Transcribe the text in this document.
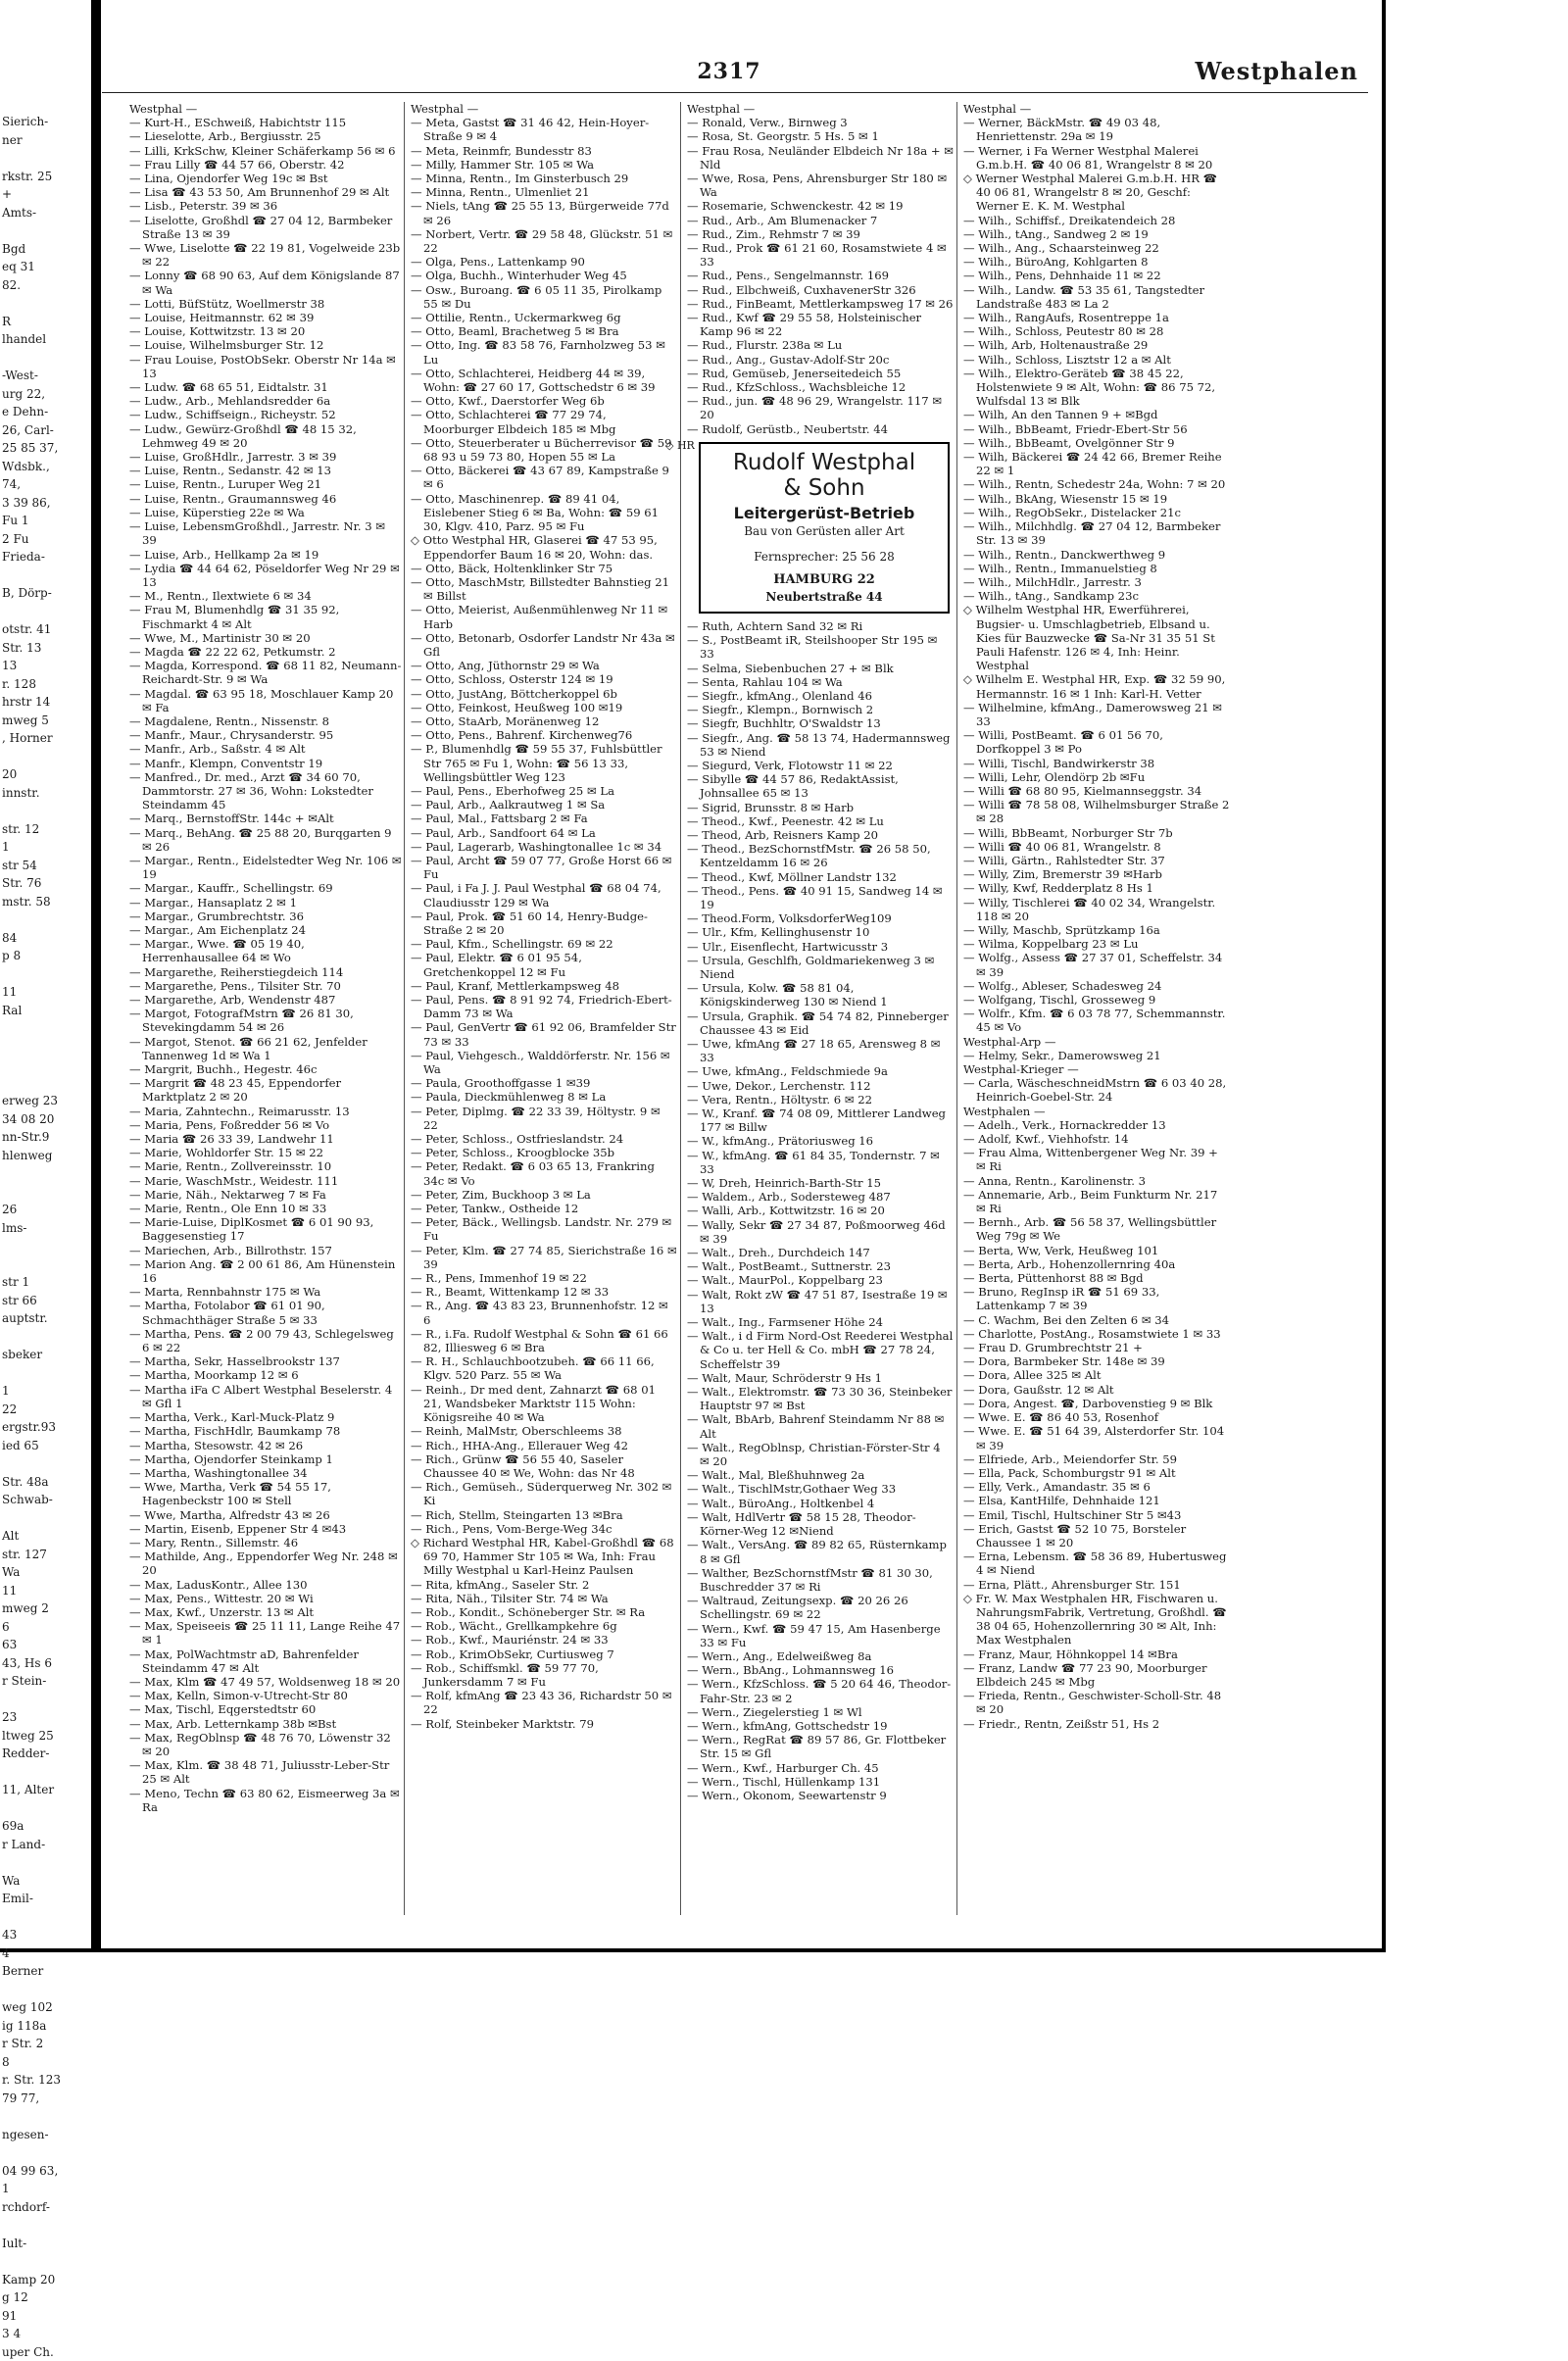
Sierich-
ner

rkstr. 25
+
Amts-

Bgd
eq 31
82.

R
lhandel

-West-
urg 22,
e Dehn-
26, Carl-
25 85 37,
Wdsbk.,
74,
3 39 86,
Fu 1
2 Fu
Frieda-

B, Dörp-

otstr. 41
Str. 13
13
r. 128
hrstr 14
mweg 5
, Horner

20
innstr.

str. 12
1
str 54
Str. 76
mstr. 58

84
p 8

11
Ral

erweg 23
34 08 20
nn-Str.9
hlenweg

26
lms-

str 1
str 66
auptstr.

sbeker

1
22
ergstr.93
ied 65

Str. 48a
Schwab-

Alt
str. 127
Wa
11
mweg 2
6
63
43, Hs 6
r Stein-

23
ltweg 25
Redder-

11, Alter

69a
r Land-

Wa
Emil-

43
4
Berner

weg 102
ig 118a
r Str. 2
8
r. Str. 123
79 77,

ngesen-

04 99 63,
1
rchdorf-

Iult-

Kamp 20
g 12
91
3 4
uper Ch.
2317	Westphalen
Westphal —
— Kurt-H., ESchweiß, Habichtstr 115
— Lieselotte, Arb., Bergiusstr. 25
— Lilli, KrkSchw, Kleiner Schäferkamp 56 ✉ 6
— Frau Lilly ☎ 44 57 66, Oberstr. 42
— Lina, Ojendorfer Weg 19c ✉ Bst
— Lisa ☎ 43 53 50, Am Brunnenhof 29 ✉ Alt
— Lisb., Peterstr. 39 ✉ 36
— Liselotte, Großhdl ☎ 27 04 12, Barmbeker Straße 13 ✉ 39
— Wwe, Liselotte ☎ 22 19 81, Vogelweide 23b ✉ 22
— Lonny ☎ 68 90 63, Auf dem Königslande 87 ✉ Wa
— Lotti, BüfStütz, Woellmerstr 38
— Louise, Heitmannstr. 62 ✉ 39
— Louise, Kottwitzstr. 13 ✉ 20
— Louise, Wilhelmsburger Str. 12
— Frau Louise, PostObSekr. Oberstr Nr 14a ✉ 13
— Ludw. ☎ 68 65 51, Eidtalstr. 31
— Ludw., Arb., Mehlandsredder 6a
— Ludw., Schiffseign., Richeystr. 52
— Ludw., Gewürz-Großhdl ☎ 48 15 32, Lehmweg 49 ✉ 20
— Luise, GroßHdlr., Jarrestr. 3 ✉ 39
— Luise, Rentn., Sedanstr. 42 ✉ 13
— Luise, Rentn., Luruper Weg 21
— Luise, Rentn., Graumannsweg 46
— Luise, Küperstieg 22e ✉ Wa
— Luise, LebensmGroßhdl., Jarrestr. Nr. 3 ✉ 39
— Luise, Arb., Hellkamp 2a ✉ 19
— Lydia ☎ 44 64 62, Pöseldorfer Weg Nr 29 ✉ 13
— M., Rentn., Ilextwiete 6 ✉ 34
— Frau M, Blumenhdlg ☎ 31 35 92, Fischmarkt 4 ✉ Alt
— Wwe, M., Martinistr 30 ✉ 20
— Magda ☎ 22 22 62, Petkumstr. 2
— Magda, Korrespond. ☎ 68 11 82, Neumann-Reichardt-Str. 9 ✉ Wa
— Magdal. ☎ 63 95 18, Moschlauer Kamp 20 ✉ Fa
— Magdalene, Rentn., Nissenstr. 8
— Manfr., Maur., Chrysanderstr. 95
— Manfr., Arb., Saßstr. 4 ✉ Alt
— Manfr., Klempn, Conventstr 19
— Manfred., Dr. med., Arzt ☎ 34 60 70, Dammtorstr. 27 ✉ 36, Wohn: Lokstedter Steindamm 45
— Marq., BernstoffStr. 144c + ✉Alt
— Marq., BehAng. ☎ 25 88 20, Burqgarten 9 ✉ 26
— Margar., Rentn., Eidelstedter Weg Nr. 106 ✉ 19
— Margar., Kauffr., Schellingstr. 69
— Margar., Hansaplatz 2 ✉ 1
— Margar., Grumbrechtstr. 36
— Margar., Am Eichenplatz 24
— Margar., Wwe. ☎ 05 19 40, Herrenhausallee 64 ✉ Wo
— Margarethe, Reiherstiegdeich 114
— Margarethe, Pens., Tilsiter Str. 70
— Margarethe, Arb, Wendenstr 487
— Margot, FotografMstrn ☎ 26 81 30, Stevekingdamm 54 ✉ 26
— Margot, Stenot. ☎ 66 21 62, Jenfelder Tannenweg 1d ✉ Wa 1
— Margrit, Buchh., Hegestr. 46c
— Margrit ☎ 48 23 45, Eppendorfer Marktplatz 2 ✉ 20
— Maria, Zahntechn., Reimarusstr. 13
— Maria, Pens, Foßredder 56 ✉ Vo
— Maria ☎ 26 33 39, Landwehr 11
— Marie, Wohldorfer Str. 15 ✉ 22
— Marie, Rentn., Zollvereinsstr. 10
— Marie, WaschMstr., Weidestr. 111
— Marie, Näh., Nektarweg 7 ✉ Fa
— Marie, Rentn., Ole Enn 10 ✉ 33
— Marie-Luise, DiplKosmet ☎ 6 01 90 93, Baggesenstieg 17
— Mariechen, Arb., Billrothstr. 157
— Marion Ang. ☎ 2 00 61 86, Am Hünenstein 16
— Marta, Rennbahnstr 175 ✉ Wa
— Martha, Fotolabor ☎ 61 01 90, Schmachthäger Straße 5 ✉ 33
— Martha, Pens. ☎ 2 00 79 43, Schlegelsweg 6 ✉ 22
— Martha, Sekr, Hasselbrookstr 137
— Martha, Moorkamp 12 ✉ 6
— Martha iFa C Albert Westphal Beselerstr. 4 ✉ Gfl 1
— Martha, Verk., Karl-Muck-Platz 9
— Martha, FischHdlr, Baumkamp 78
— Martha, Stesowstr. 42 ✉ 26
— Martha, Ojendorfer Steinkamp 1
— Martha, Washingtonallee 34
— Wwe, Martha, Verk ☎ 54 55 17, Hagenbeckstr 100 ✉ Stell
— Wwe, Martha, Alfredstr 43 ✉ 26
— Martin, Eisenb, Eppener Str 4 ✉43
— Mary, Rentn., Sillemstr. 46
— Mathilde, Ang., Eppendorfer Weg Nr. 248 ✉ 20
— Max, LadusKontr., Allee 130
— Max, Pens., Wittestr. 20 ✉ Wi
— Max, Kwf., Unzerstr. 13 ✉ Alt
— Max, Speiseeis ☎ 25 11 11, Lange Reihe 47 ✉ 1
— Max, PolWachtmstr aD, Bahrenfelder Steindamm 47 ✉ Alt
— Max, Klm ☎ 47 49 57, Woldsenweg 18 ✉ 20
— Max, Kelln, Simon-v-Utrecht-Str 80
— Max, Tischl, Eqgerstedtstr 60
— Max, Arb. Letternkamp 38b ✉Bst
— Max, RegOblnsp ☎ 48 76 70, Löwenstr 32 ✉ 20
— Max, Klm. ☎ 38 48 71, Juliusstr-Leber-Str 25 ✉ Alt
— Meno, Techn ☎ 63 80 62, Eismeerweg 3a ✉ Ra
Westphal —
— Meta, Gastst ☎ 31 46 42, Hein-Hoyer-Straße 9 ✉ 4
— Meta, Reinmfr, Bundesstr 83
— Milly, Hammer Str. 105 ✉ Wa
— Minna, Rentn., Im Ginsterbusch 29
— Minna, Rentn., Ulmenliet 21
— Niels, tAng ☎ 25 55 13, Bürgerweide 77d ✉ 26
— Norbert, Vertr. ☎ 29 58 48, Glückstr. 51 ✉ 22
— Olga, Pens., Lattenkamp 90
— Olga, Buchh., Winterhuder Weg 45
— Osw., Buroang. ☎ 6 05 11 35, Pirolkamp 55 ✉ Du
— Ottilie, Rentn., Uckermarkweg 6g
— Otto, Beaml, Brachetweg 5 ✉ Bra
— Otto, Ing. ☎ 83 58 76, Farnholzweg 53 ✉ Lu
— Otto, Schlachterei, Heidberg 44 ✉ 39, Wohn: ☎ 27 60 17, Gottschedstr 6 ✉ 39
— Otto, Kwf., Daerstorfer Weg 6b
— Otto, Schlachterei ☎ 77 29 74, Moorburger Elbdeich 185 ✉ Mbg
— Otto, Steuerberater u Bücherrevisor ☎ 59 68 93 u 59 73 80, Hopen 55 ✉ La
— Otto, Bäckerei ☎ 43 67 89, Kampstraße 9 ✉ 6
— Otto, Maschinenrep. ☎ 89 41 04, Eislebener Stieg 6 ✉ Ba, Wohn: ☎ 59 61 30, Klgv. 410, Parz. 95 ✉ Fu
◇ Otto Westphal HR, Glaserei ☎ 47 53 95, Eppendorfer Baum 16 ✉ 20, Wohn: das.
— Otto, Bäck, Holtenklinker Str 75
— Otto, MaschMstr, Billstedter Bahnstieg 21 ✉ Billst
— Otto, Meierist, Außenmühlenweg Nr 11 ✉ Harb
— Otto, Betonarb, Osdorfer Landstr Nr 43a ✉ Gfl
— Otto, Ang, Jüthornstr 29 ✉ Wa
— Otto, Schloss, Osterstr 124 ✉ 19
— Otto, JustAng, Böttcherkoppel 6b
— Otto, Feinkost, Heußweg 100 ✉19
— Otto, StaArb, Moränenweg 12
— Otto, Pens., Bahrenf. Kirchenweg76
— P., Blumenhdlg ☎ 59 55 37, Fuhlsbüttler Str 765 ✉ Fu 1, Wohn: ☎ 56 13 33, Wellingsbüttler Weg 123
— Paul, Pens., Eberhofweg 25 ✉ La
— Paul, Arb., Aalkrautweg 1 ✉ Sa
— Paul, Mal., Fattsbarg 2 ✉ Fa
— Paul, Arb., Sandfoort 64 ✉ La
— Paul, Lagerarb, Washingtonallee 1c ✉ 34
— Paul, Archt ☎ 59 07 77, Große Horst 66 ✉ Fu
— Paul, i Fa J. J. Paul Westphal ☎ 68 04 74, Claudiusstr 129 ✉ Wa
— Paul, Prok. ☎ 51 60 14, Henry-Budge-Straße 2 ✉ 20
— Paul, Kfm., Schellingstr. 69 ✉ 22
— Paul, Elektr. ☎ 6 01 95 54, Gretchenkoppel 12 ✉ Fu
— Paul, Kranf, Mettlerkampsweg 48
— Paul, Pens. ☎ 8 91 92 74, Friedrich-Ebert-Damm 73 ✉ Wa
— Paul, GenVertr ☎ 61 92 06, Bramfelder Str 73 ✉ 33
— Paul, Viehgesch., Walddörferstr. Nr. 156 ✉ Wa
— Paula, Groothoffgasse 1 ✉39
— Paula, Dieckmühlenweg 8 ✉ La
— Peter, Diplmg. ☎ 22 33 39, Höltystr. 9 ✉ 22
— Peter, Schloss., Ostfrieslandstr. 24
— Peter, Schloss., Kroogblocke 35b
— Peter, Redakt. ☎ 6 03 65 13, Frankring 34c ✉ Vo
— Peter, Zim, Buckhoop 3 ✉ La
— Peter, Tankw., Ostheide 12
— Peter, Bäck., Wellingsb. Landstr. Nr. 279 ✉ Fu
— Peter, Klm. ☎ 27 74 85, Sierichstraße 16 ✉ 39
— R., Pens, Immenhof 19 ✉ 22
— R., Beamt, Wittenkamp 12 ✉ 33
— R., Ang. ☎ 43 83 23, Brunnenhofstr. 12 ✉ 6
— R., i.Fa. Rudolf Westphal & Sohn ☎ 61 66 82, Illiesweg 6 ✉ Bra
— R. H., Schlauchbootzubeh. ☎ 66 11 66, Klgv. 520 Parz. 55 ✉ Wa
— Reinh., Dr med dent, Zahnarzt ☎ 68 01 21, Wandsbeker Marktstr 115 Wohn: Königsreihe 40 ✉ Wa
— Reinh, MalMstr, Oberschleems 38
— Rich., HHA-Ang., Ellerauer Weg 42
— Rich., Grünw ☎ 56 55 40, Saseler Chaussee 40 ✉ We, Wohn: das Nr 48
— Rich., Gemüseh., Süderquerweg Nr. 302 ✉ Ki
— Rich, Stellm, Steingarten 13 ✉Bra
— Rich., Pens, Vom-Berge-Weg 34c
◇ Richard Westphal HR, Kabel-Großhdl ☎ 68 69 70, Hammer Str 105 ✉ Wa, Inh: Frau Milly Westphal u Karl-Heinz Paulsen
— Rita, kfmAng., Saseler Str. 2
— Rita, Näh., Tilsiter Str. 74 ✉ Wa
— Rob., Kondit., Schöneberger Str. ✉ Ra
— Rob., Wächt., Grellkampkehre 6g
— Rob., Kwf., Mauriénstr. 24 ✉ 33
— Rob., KrimObSekr, Curtiusweg 7
— Rob., Schiffsmkl. ☎ 59 77 70, Junkersdamm 7 ✉ Fu
— Rolf, kfmAng ☎ 23 43 36, Richardstr 50 ✉ 22
— Rolf, Steinbeker Marktstr. 79
Westphal —
— Ronald, Verw., Birnweg 3
— Rosa, St. Georgstr. 5 Hs. 5 ✉ 1
— Frau Rosa, Neuländer Elbdeich Nr 18a + ✉ Nld
— Wwe, Rosa, Pens, Ahrensburger Str 180 ✉ Wa
— Rosemarie, Schwenckestr. 42 ✉ 19
— Rud., Arb., Am Blumenacker 7
— Rud., Zim., Rehmstr 7 ✉ 39
— Rud., Prok ☎ 61 21 60, Rosamstwiete 4 ✉ 33
— Rud., Pens., Sengelmannstr. 169
— Rud., Elbchweiß, CuxhavenerStr 326
— Rud., FinBeamt, Mettlerkampsweg 17 ✉ 26
— Rud., Kwf ☎ 29 55 58, Holsteinischer Kamp 96 ✉ 22
— Rud., Flurstr. 238a ✉ Lu
— Rud., Ang., Gustav-Adolf-Str 20c
— Rud, Gemüseb, Jenerseitedeich 55
— Rud., KfzSchloss., Wachsbleiche 12
— Rud., jun. ☎ 48 96 29, Wrangelstr. 117 ✉ 20
— Rudolf, Gerüstb., Neubertstr. 44
◇ HR
Rudolf Westphal
& Sohn
Leitergerüst-Betrieb
Bau von Gerüsten aller Art
Fernsprecher: 25 56 28
HAMBURG 22
Neubertstraße 44
— Ruth, Achtern Sand 32 ✉ Ri
— S., PostBeamt iR, Steilshooper Str 195 ✉ 33
— Selma, Siebenbuchen 27 + ✉ Blk
— Senta, Rahlau 104 ✉ Wa
— Siegfr., kfmAng., Olenland 46
— Siegfr., Klempn., Bornwisch 2
— Siegfr, Buchhltr, O'Swaldstr 13
— Siegfr., Ang. ☎ 58 13 74, Hadermannsweg 53 ✉ Niend
— Siegurd, Verk, Flotowstr 11 ✉ 22
— Sibylle ☎ 44 57 86, RedaktAssist, Johnsallee 65 ✉ 13
— Sigrid, Brunsstr. 8 ✉ Harb
— Theod., Kwf., Peenestr. 42 ✉ Lu
— Theod, Arb, Reisners Kamp 20
— Theod., BezSchornstfMstr. ☎ 26 58 50, Kentzeldamm 16 ✉ 26
— Theod., Kwf, Möllner Landstr 132
— Theod., Pens. ☎ 40 91 15, Sandweg 14 ✉ 19
— Theod.Form, VolksdorferWeg109
— Ulr., Kfm, Kellinghusenstr 10
— Ulr., Eisenflecht, Hartwicusstr 3
— Ursula, Geschlfh, Goldmariekenweg 3 ✉ Niend
— Ursula, Kolw. ☎ 58 81 04, Königskinderweg 130 ✉ Niend 1
— Ursula, Graphik. ☎ 54 74 82, Pinneberger Chaussee 43 ✉ Eid
— Uwe, kfmAng ☎ 27 18 65, Arensweg 8 ✉ 33
— Uwe, kfmAng., Feldschmiede 9a
— Uwe, Dekor., Lerchenstr. 112
— Vera, Rentn., Höltystr. 6 ✉ 22
— W., Kranf. ☎ 74 08 09, Mittlerer Landweg 177 ✉ Billw
— W., kfmAng., Prätoriusweg 16
— W., kfmAng. ☎ 61 84 35, Tondernstr. 7 ✉ 33
— W, Dreh, Heinrich-Barth-Str 15
— Waldem., Arb., Sodersteweg 487
— Walli, Arb., Kottwitzstr. 16 ✉ 20
— Wally, Sekr ☎ 27 34 87, Poßmoorweg 46d ✉ 39
— Walt., Dreh., Durchdeich 147
— Walt., PostBeamt., Suttnerstr. 23
— Walt., MaurPol., Koppelbarg 23
— Walt, Rokt zW ☎ 47 51 87, Isestraße 19 ✉ 13
— Walt., Ing., Farmsener Höhe 24
— Walt., i d Firm Nord-Ost Reederei Westphal & Co u. ter Hell & Co. mbH ☎ 27 78 24, Scheffelstr 39
— Walt, Maur, Schröderstr 9 Hs 1
— Walt., Elektromstr. ☎ 73 30 36, Steinbeker Hauptstr 97 ✉ Bst
— Walt, BbArb, Bahrenf Steindamm Nr 88 ✉ Alt
— Walt., RegOblnsp, Christian-Förster-Str 4 ✉ 20
— Walt., Mal, Bleßhuhnweg 2a
— Walt., TischlMstr,Gothaer Weg 33
— Walt., BüroAng., Holtkenbel 4
— Walt, HdlVertr ☎ 58 15 28, Theodor-Körner-Weg 12 ✉Niend
— Walt., VersAng. ☎ 89 82 65, Rüsternkamp 8 ✉ Gfl
— Walther, BezSchornstfMstr ☎ 81 30 30, Buschredder 37 ✉ Ri
— Waltraud, Zeitungsexp. ☎ 20 26 26 Schellingstr. 69 ✉ 22
— Wern., Kwf. ☎ 59 47 15, Am Hasenberge 33 ✉ Fu
— Wern., Ang., Edelweißweg 8a
— Wern., BbAng., Lohmannsweg 16
— Wern., KfzSchloss. ☎ 5 20 64 46, Theodor-Fahr-Str. 23 ✉ 2
— Wern., Ziegelerstieg 1 ✉ Wl
— Wern., kfmAng, Gottschedstr 19
— Wern., RegRat ☎ 89 57 86, Gr. Flottbeker Str. 15 ✉ Gfl
— Wern., Kwf., Harburger Ch. 45
— Wern., Tischl, Hüllenkamp 131
— Wern., Okonom, Seewartenstr 9
Westphal —
— Werner, BäckMstr. ☎ 49 03 48, Henriettenstr. 29a ✉ 19
— Werner, i Fa Werner Westphal Malerei G.m.b.H. ☎ 40 06 81, Wrangelstr 8 ✉ 20
◇ Werner Westphal Malerei G.m.b.H. HR ☎ 40 06 81, Wrangelstr 8 ✉ 20, Geschf: Werner E. K. M. Westphal
— Wilh., Schiffsf., Dreikatendeich 28
— Wilh., tAng., Sandweg 2 ✉ 19
— Wilh., Ang., Schaarsteinweg 22
— Wilh., BüroAng, Kohlgarten 8
— Wilh., Pens, Dehnhaide 11 ✉ 22
— Wilh., Landw. ☎ 53 35 61, Tangstedter Landstraße 483 ✉ La 2
— Wilh., RangAufs, Rosentreppe 1a
— Wilh., Schloss, Peutestr 80 ✉ 28
— Wilh, Arb, Holtenaustraße 29
— Wilh., Schloss, Lisztstr 12 a ✉ Alt
— Wilh., Elektro-Geräteb ☎ 38 45 22, Holstenwiete 9 ✉ Alt, Wohn: ☎ 86 75 72, Wulfsdal 13 ✉ Blk
— Wilh, An den Tannen 9 + ✉Bgd
— Wilh., BbBeamt, Friedr-Ebert-Str 56
— Wilh., BbBeamt, Ovelgönner Str 9
— Wilh, Bäckerei ☎ 24 42 66, Bremer Reihe 22 ✉ 1
— Wilh., Rentn, Schedestr 24a, Wohn: 7 ✉ 20
— Wilh., BkAng, Wiesenstr 15 ✉ 19
— Wilh., RegObSekr., Distelacker 21c
— Wilh., Milchhdlg. ☎ 27 04 12, Barmbeker Str. 13 ✉ 39
— Wilh., Rentn., Danckwerthweg 9
— Wilh., Rentn., Immanuelstieg 8
— Wilh., MilchHdlr., Jarrestr. 3
— Wilh., tAng., Sandkamp 23c
◇ Wilhelm Westphal HR, Ewerführerei, Bugsier- u. Umschlagbetrieb, Elbsand u. Kies für Bauzwecke ☎ Sa-Nr 31 35 51 St Pauli Hafenstr. 126 ✉ 4, Inh: Heinr. Westphal
◇ Wilhelm E. Westphal HR, Exp. ☎ 32 59 90, Hermannstr. 16 ✉ 1 Inh: Karl-H. Vetter
— Wilhelmine, kfmAng., Damerowsweg 21 ✉ 33
— Willi, PostBeamt. ☎ 6 01 56 70, Dorfkoppel 3 ✉ Po
— Willi, Tischl, Bandwirkerstr 38
— Willi, Lehr, Olendörp 2b ✉Fu
— Willi ☎ 68 80 95, Kielmannseggstr. 34
— Willi ☎ 78 58 08, Wilhelmsburger Straße 2 ✉ 28
— Willi, BbBeamt, Norburger Str 7b
— Willi ☎ 40 06 81, Wrangelstr. 8
— Willi, Gärtn., Rahlstedter Str. 37
— Willy, Zim, Bremerstr 39 ✉Harb
— Willy, Kwf, Redderplatz 8 Hs 1
— Willy, Tischlerei ☎ 40 02 34, Wrangelstr. 118 ✉ 20
— Willy, Maschb, Sprützkamp 16a
— Wilma, Koppelbarg 23 ✉ Lu
— Wolfg., Assess ☎ 27 37 01, Scheffelstr. 34 ✉ 39
— Wolfg., Ableser, Schadesweg 24
— Wolfgang, Tischl, Grosseweg 9
— Wolfr., Kfm. ☎ 6 03 78 77, Schemmannstr. 45 ✉ Vo
Westphal-Arp —
— Helmy, Sekr., Damerowsweg 21
Westphal-Krieger —
— Carla, WäscheschneidMstrn ☎ 6 03 40 28, Heinrich-Goebel-Str. 24
Westphalen —
— Adelh., Verk., Hornackredder 13
— Adolf, Kwf., Viehhofstr. 14
— Frau Alma, Wittenbergener Weg Nr. 39 + ✉ Ri
— Anna, Rentn., Karolinenstr. 3
— Annemarie, Arb., Beim Funkturm Nr. 217 ✉ Ri
— Bernh., Arb. ☎ 56 58 37, Wellingsbüttler Weg 79g ✉ We
— Berta, Ww, Verk, Heußweg 101
— Berta, Arb., Hohenzollernring 40a
— Berta, Püttenhorst 88 ✉ Bgd
— Bruno, RegInsp iR ☎ 51 69 33, Lattenkamp 7 ✉ 39
— C. Wachm, Bei den Zelten 6 ✉ 34
— Charlotte, PostAng., Rosamstwiete 1 ✉ 33
— Frau D. Grumbrechtstr 21 +
— Dora, Barmbeker Str. 148e ✉ 39
— Dora, Allee 325 ✉ Alt
— Dora, Gaußstr. 12 ✉ Alt
— Dora, Angest. ☎, Darbovenstieg 9 ✉ Blk
— Wwe. E. ☎ 86 40 53, Rosenhof
— Wwe. E. ☎ 51 64 39, Alsterdorfer Str. 104 ✉ 39
— Elfriede, Arb., Meiendorfer Str. 59
— Ella, Pack, Schomburgstr 91 ✉ Alt
— Elly, Verk., Amandastr. 35 ✉ 6
— Elsa, KantHilfe, Dehnhaide 121
— Emil, Tischl, Hultschiner Str 5 ✉43
— Erich, Gastst ☎ 52 10 75, Borsteler Chaussee 1 ✉ 20
— Erna, Lebensm. ☎ 58 36 89, Hubertusweg 4 ✉ Niend
— Erna, Plätt., Ahrensburger Str. 151
◇ Fr. W. Max Westphalen HR, Fischwaren u. NahrungsmFabrik, Vertretung, Großhdl. ☎ 38 04 65, Hohenzollernring 30 ✉ Alt, Inh: Max Westphalen
— Franz, Maur, Höhnkoppel 14 ✉Bra
— Franz, Landw ☎ 77 23 90, Moorburger Elbdeich 245 ✉ Mbg
— Frieda, Rentn., Geschwister-Scholl-Str. 48 ✉ 20
— Friedr., Rentn, Zeißstr 51, Hs 2
